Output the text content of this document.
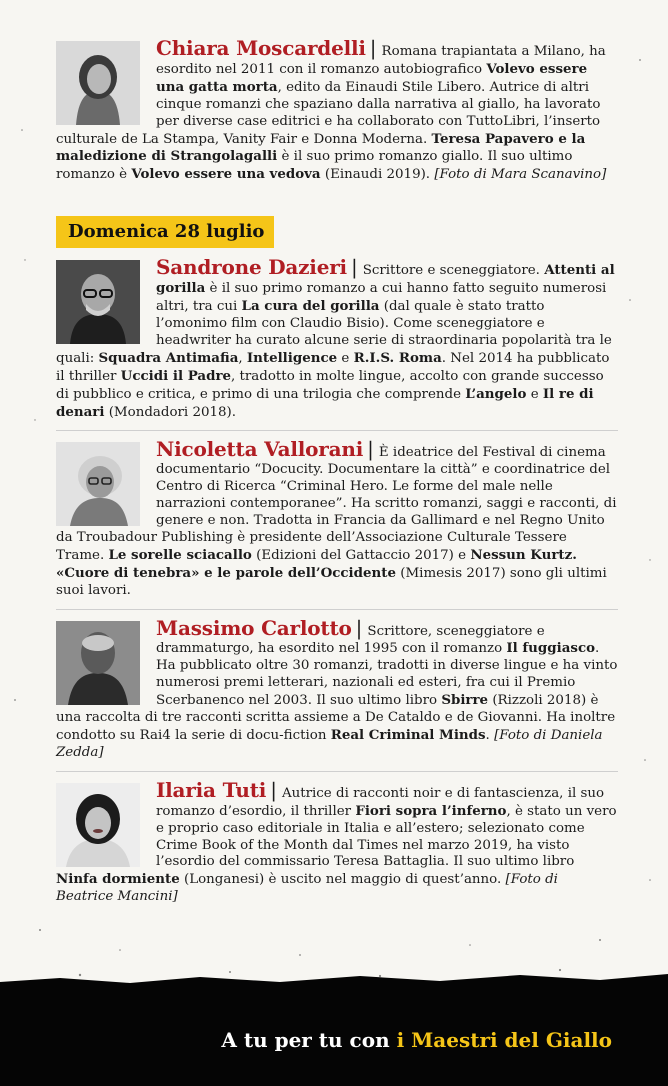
Chiara Moscardelli | Romana trapiantata a Milano, ha esordito nel 2011 con il romanzo autobiografico Volevo essere una gatta morta, edito da Einaudi Stile Libero. Autrice di altri cinque romanzi che spaziano dalla narrativa al giallo, ha lavorato per diverse case editrici e ha collaborato con TuttoLibri, l’inserto culturale de La Stampa, Vanity Fair e Donna Moderna. Teresa Papavero e la maledizione di Strangolagalli è il suo primo romanzo giallo. Il suo ultimo romanzo è Volevo essere una vedova (Einaudi 2019). [Foto di Mara Scanavino]
Domenica 28 luglio
Sandrone Dazieri | Scrittore e sceneggiatore. Attenti al gorilla è il suo primo romanzo a cui hanno fatto seguito numerosi altri, tra cui La cura del gorilla (dal quale è stato tratto l’omonimo film con Claudio Bisio). Come sceneggiatore e headwriter ha curato alcune serie di straordinaria popolarità tra le quali: Squadra Antimafia, Intelligence e R.I.S. Roma. Nel 2014 ha pubblicato il thriller Uccidi il Padre, tradotto in molte lingue, accolto con grande successo di pubblico e critica, e primo di una trilogia che comprende L’angelo e Il re di denari (Mondadori 2018).
Nicoletta Vallorani | È ideatrice del Festival di cinema documentario “Docucity. Documentare la città” e coordinatrice del Centro di Ricerca “Criminal Hero. Le forme del male nelle narrazioni contemporanee”. Ha scritto romanzi, saggi e racconti, di genere e non. Tradotta in Francia da Gallimard e nel Regno Unito da Troubadour Publishing è presidente dell’Associazione Culturale Tessere Trame. Le sorelle sciacallo (Edizioni del Gattaccio 2017) e Nessun Kurtz. «Cuore di tenebra» e le parole dell’Occidente (Mimesis 2017) sono gli ultimi suoi lavori.
Massimo Carlotto | Scrittore, sceneggiatore e drammaturgo, ha esordito nel 1995 con il romanzo Il fuggiasco. Ha pubblicato oltre 30 romanzi, tradotti in diverse lingue e ha vinto numerosi premi letterari, nazionali ed esteri, fra cui il Premio Scerbanenco nel 2003. Il suo ultimo libro Sbirre (Rizzoli 2018) è una raccolta di tre racconti scritta assieme a De Cataldo e de Giovanni. Ha inoltre condotto su Rai4 la serie di docu-fiction Real Criminal Minds. [Foto di Daniela Zedda]
Ilaria Tuti | Autrice di racconti noir e di fantascienza, il suo romanzo d’esordio, il thriller Fiori sopra l’inferno, è stato un vero e proprio caso editoriale in Italia e all’estero; selezionato come Crime Book of the Month dal Times nel marzo 2019, ha visto l’esordio del commissario Teresa Battaglia. Il suo ultimo libro Ninfa dormiente (Longanesi) è uscito nel maggio di quest’anno. [Foto di Beatrice Mancini]
A tu per tu con i Maestri del Giallo
